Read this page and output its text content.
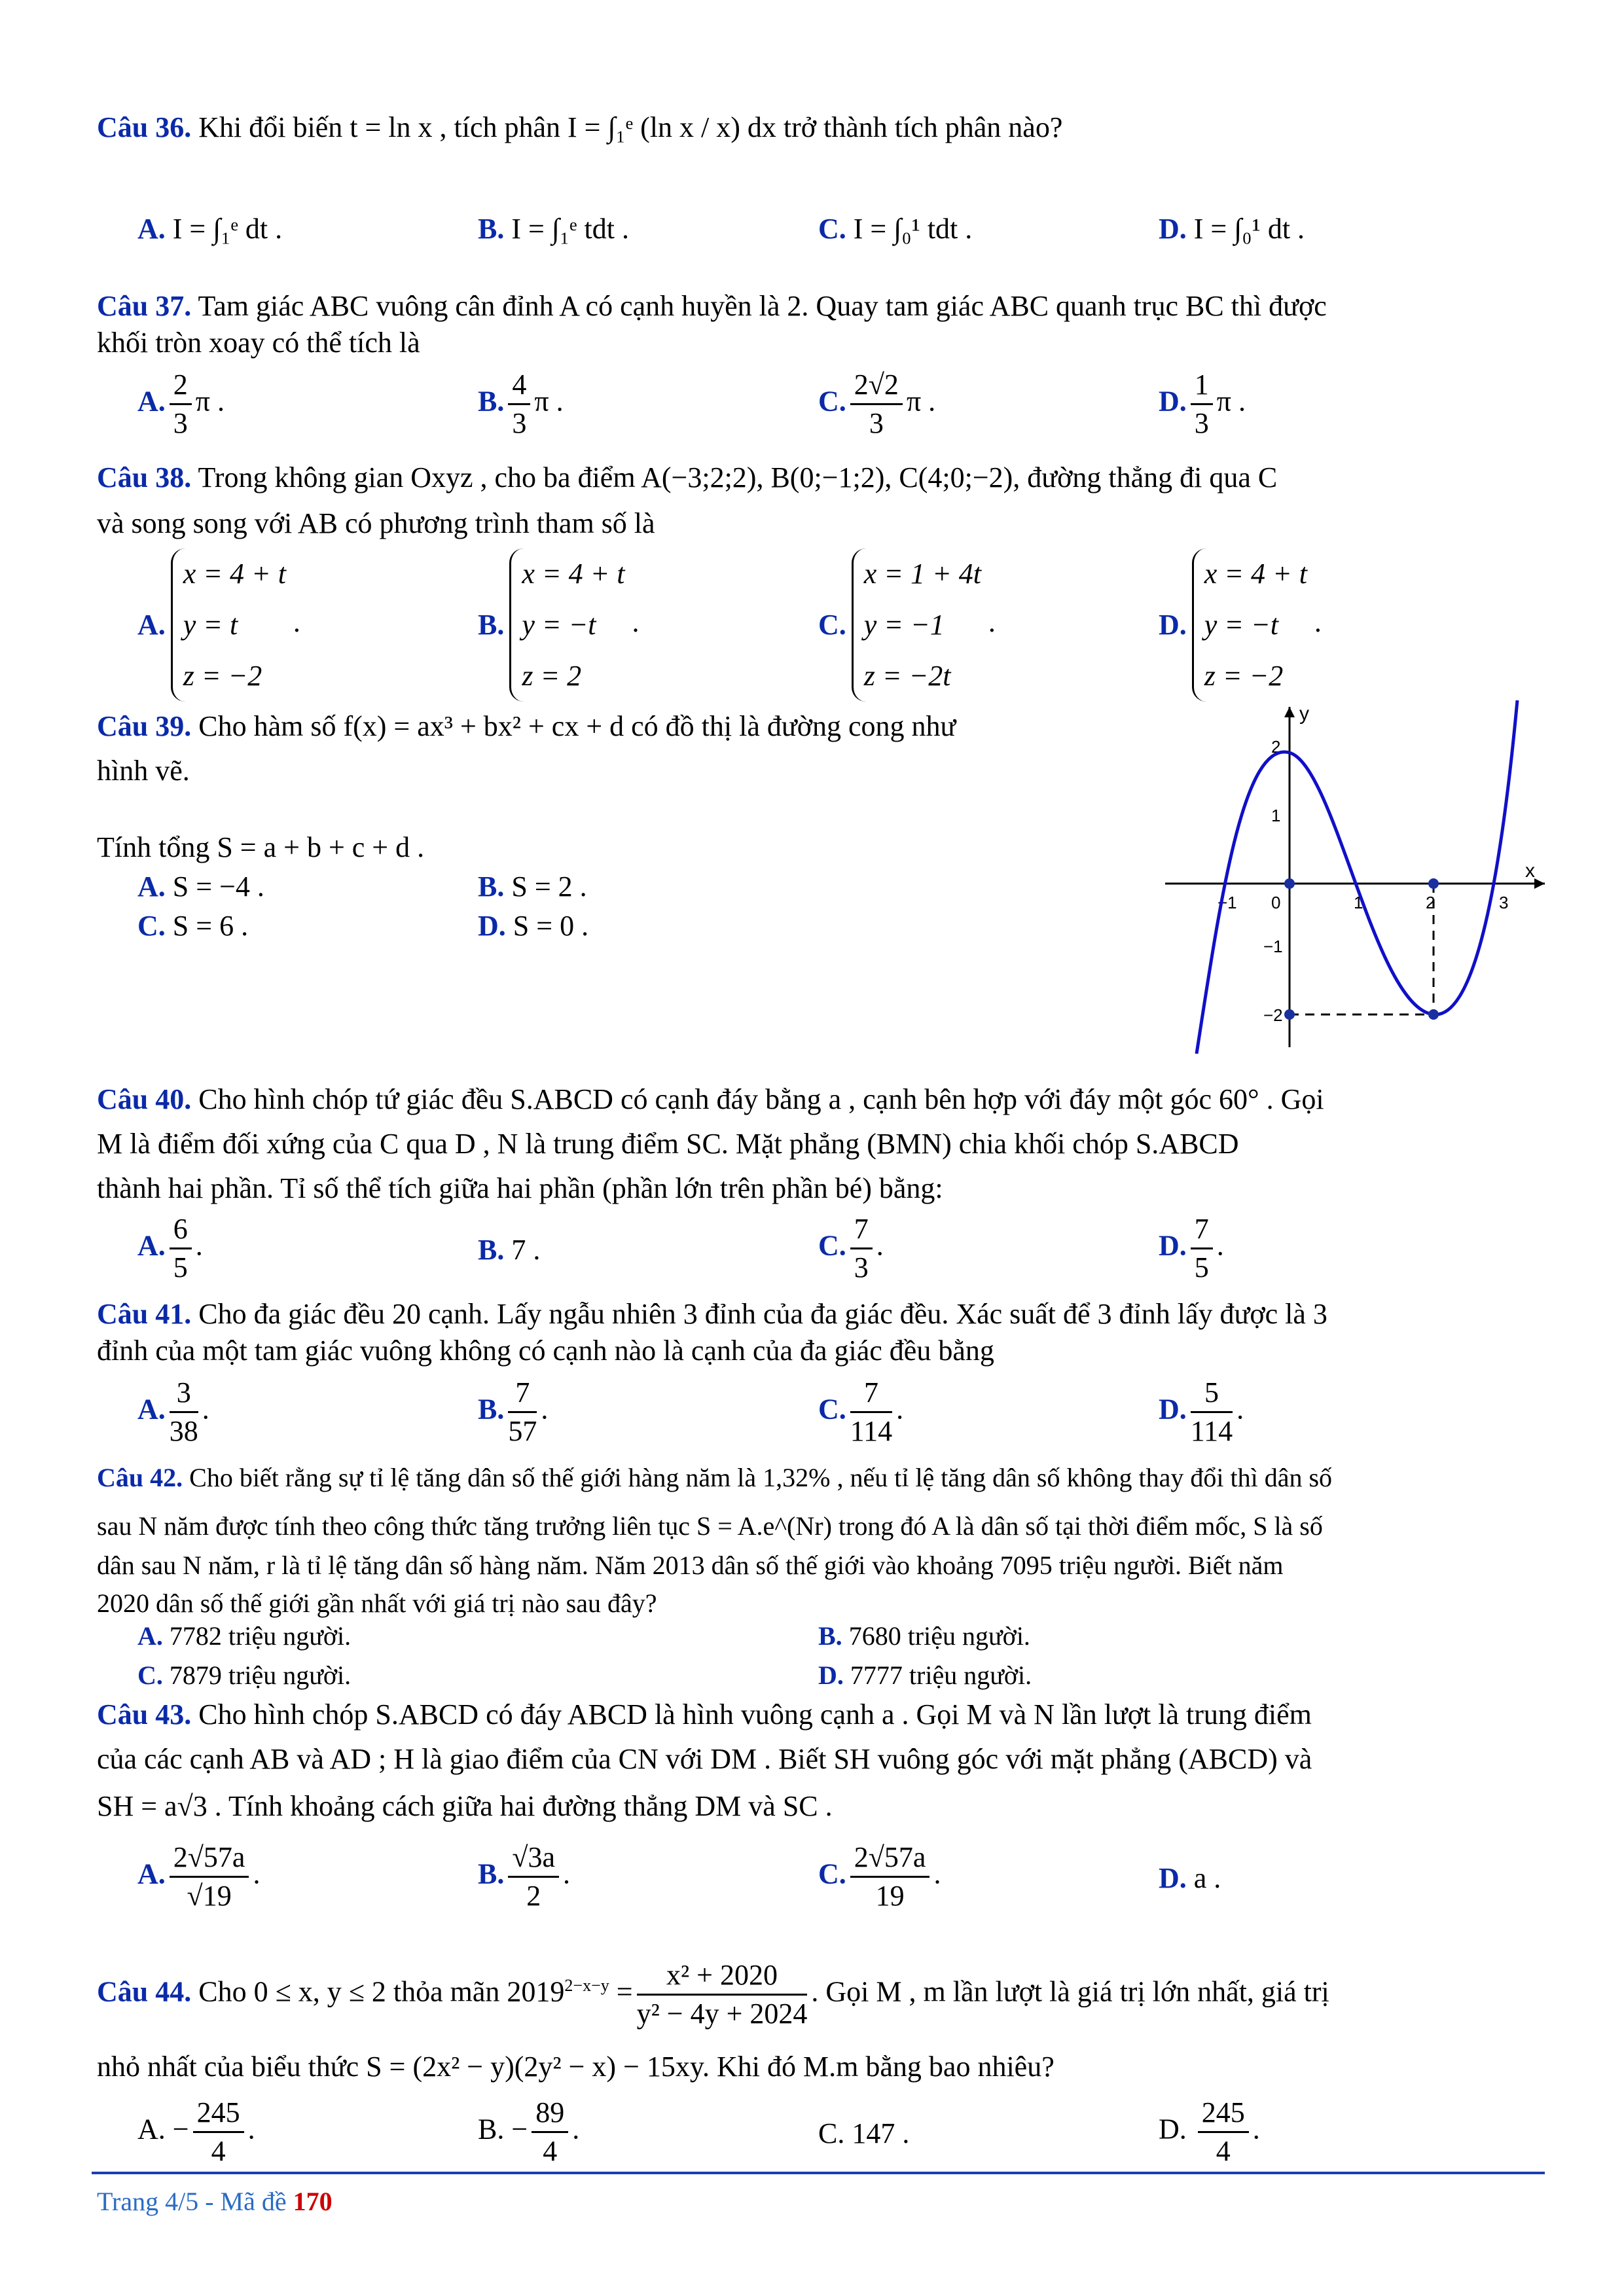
Câu 36. Khi đổi biến t = ln x , tích phân I = ∫₁ᵉ (ln x / x) dx trở thành tích phân nào?
A. I = ∫₁ᵉ dt .	B. I = ∫₁ᵉ tdt .	C. I = ∫₀¹ tdt .	D. I = ∫₀¹ dt .
Câu 37. Tam giác ABC vuông cân đỉnh A có cạnh huyền là 2. Quay tam giác ABC quanh trục BC thì được
khối tròn xoay có thể tích là
A. $\frac{2}{3}$ π .	B. $\frac{4}{3}$ π .	C. $\frac{2√2}{3}$ π .	D. $\frac{1}{3}$ π .
Câu 38. Trong không gian Oxyz , cho ba điểm A(−3;2;2), B(0;−1;2), C(4;0;−2), đường thẳng đi qua C
và song song với AB có phương trình tham số là
A.
x = 4 + t
y = t
z = −2
.	B.
x = 4 + t
y = −t
z = 2
.	C.
x = 1 + 4t
y = −1
z = −2t
.	D.
x = 4 + t
y = −t
z = −2
.
Câu 39. Cho hàm số f(x) = ax³ + bx² + cx + d có đồ thị là đường cong như
hình vẽ.
Tính tổng S = a + b + c + d .
A. S = −4 .	B. S = 2 .
C. S = 6 .	D. S = 0 .
x
y
−1 0	1	2	3
2
1
−1
−2
Câu 40. Cho hình chóp tứ giác đều S.ABCD có cạnh đáy bằng a , cạnh bên hợp với đáy một góc 60° . Gọi
M là điểm đối xứng của C qua D , N là trung điểm SC. Mặt phẳng (BMN) chia khối chóp S.ABCD
thành hai phần. Tỉ số thể tích giữa hai phần (phần lớn trên phần bé) bằng:
A. $\frac{6}{5}$ .	B. 7 .	C. $\frac{7}{3}$ .	D. $\frac{7}{5}$ .
Câu 41. Cho đa giác đều 20 cạnh. Lấy ngẫu nhiên 3 đỉnh của đa giác đều. Xác suất để 3 đỉnh lấy được là 3
đỉnh của một tam giác vuông không có cạnh nào là cạnh của đa giác đều bằng
A. $\frac{3}{38}$ .	B. $\frac{7}{57}$ .	C. $\frac{7}{114}$ .	D. $\frac{5}{114}$ .
Câu 42. Cho biết rằng sự tỉ lệ tăng dân số thế giới hàng năm là 1,32% , nếu tỉ lệ tăng dân số không thay đổi thì dân số
sau N năm được tính theo công thức tăng trưởng liên tục S = A.e^(Nr) trong đó A là dân số tại thời điểm mốc, S là số
dân sau N năm, r là tỉ lệ tăng dân số hàng năm. Năm 2013 dân số thế giới vào khoảng 7095 triệu người. Biết năm
2020 dân số thế giới gần nhất với giá trị nào sau đây?
A. 7782 triệu người.	B. 7680 triệu người.
C. 7879 triệu người.	D. 7777 triệu người.
Câu 43. Cho hình chóp S.ABCD có đáy ABCD là hình vuông cạnh a . Gọi M và N lần lượt là trung điểm
của các cạnh AB và AD ; H là giao điểm của CN với DM . Biết SH vuông góc với mặt phẳng (ABCD) và
SH = a√3 . Tính khoảng cách giữa hai đường thẳng DM và SC .
A. $\frac{2√57a}{√19}$ .	B. $\frac{√3a}{2}$ .	C. $\frac{2√57a}{19}$ .	D. a .
Câu 44. Cho 0 ≤ x, y ≤ 2 thỏa mãn $2019^{2-x-y} = \frac{\text{x² + 2020}}{\text{y² − 4y + 2024}}$ . Gọi M , m lần lượt là giá trị lớn nhất, giá trị
nhỏ nhất của biểu thức S = (2x² − y)(2y² − x) − 15xy. Khi đó M.m bằng bao nhiêu?
A. − $\frac{245}{4}$ .	B. − $\frac{89}{4}$ .	C. 147 .	D. $\frac{245}{4}$ .
Trang 4/5 - Mã đề 170
